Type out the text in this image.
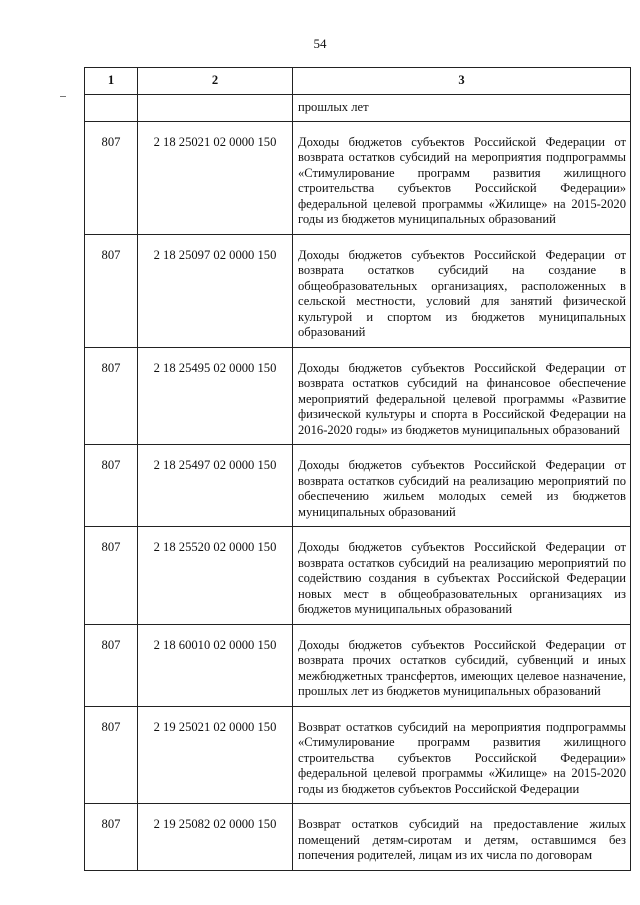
54
1	2	3
		прошлых лет
807	2 18 25021 02 0000 150	Доходы бюджетов субъектов Российской Федерации от возврата остатков субсидий на мероприятия подпрограммы «Стимулирование программ развития жилищного строительства субъектов Российской Федерации» федеральной целевой программы «Жилище» на 2015-2020 годы из бюджетов муниципальных образований
807	2 18 25097 02 0000 150	Доходы бюджетов субъектов Российской Федерации от возврата остатков субсидий на создание в общеобразовательных организациях, расположенных в сельской местности, условий для занятий физической культурой и спортом из бюджетов муниципальных образований
807	2 18 25495 02 0000 150	Доходы бюджетов субъектов Российской Федерации от возврата остатков субсидий на финансовое обеспечение мероприятий федеральной целевой программы «Развитие физической культуры и спорта в Российской Федерации на 2016-2020 годы» из бюджетов муниципальных образований
807	2 18 25497 02 0000 150	Доходы бюджетов субъектов Российской Федерации от возврата остатков субсидий на реализацию мероприятий по обеспечению жильем молодых семей из бюджетов муниципальных образований
807	2 18 25520 02 0000 150	Доходы бюджетов субъектов Российской Федерации от возврата остатков субсидий на реализацию мероприятий по содействию создания в субъектах Российской Федерации новых мест в общеобразовательных организациях из бюджетов муниципальных образований
807	2 18 60010 02 0000 150	Доходы бюджетов субъектов Российской Федерации от возврата прочих остатков субсидий, субвенций и иных межбюджетных трансфертов, имеющих целевое назначение, прошлых лет из бюджетов муниципальных образований
807	2 19 25021 02 0000 150	Возврат остатков субсидий на мероприятия подпрограммы «Стимулирование программ развития жилищного строительства субъектов Российской Федерации» федеральной целевой программы «Жилище» на 2015-2020 годы из бюджетов субъектов Российской Федерации
807	2 19 25082 02 0000 150	Возврат остатков субсидий на предоставление жилых помещений детям-сиротам и детям, оставшимся без попечения родителей, лицам из их числа по договорам
